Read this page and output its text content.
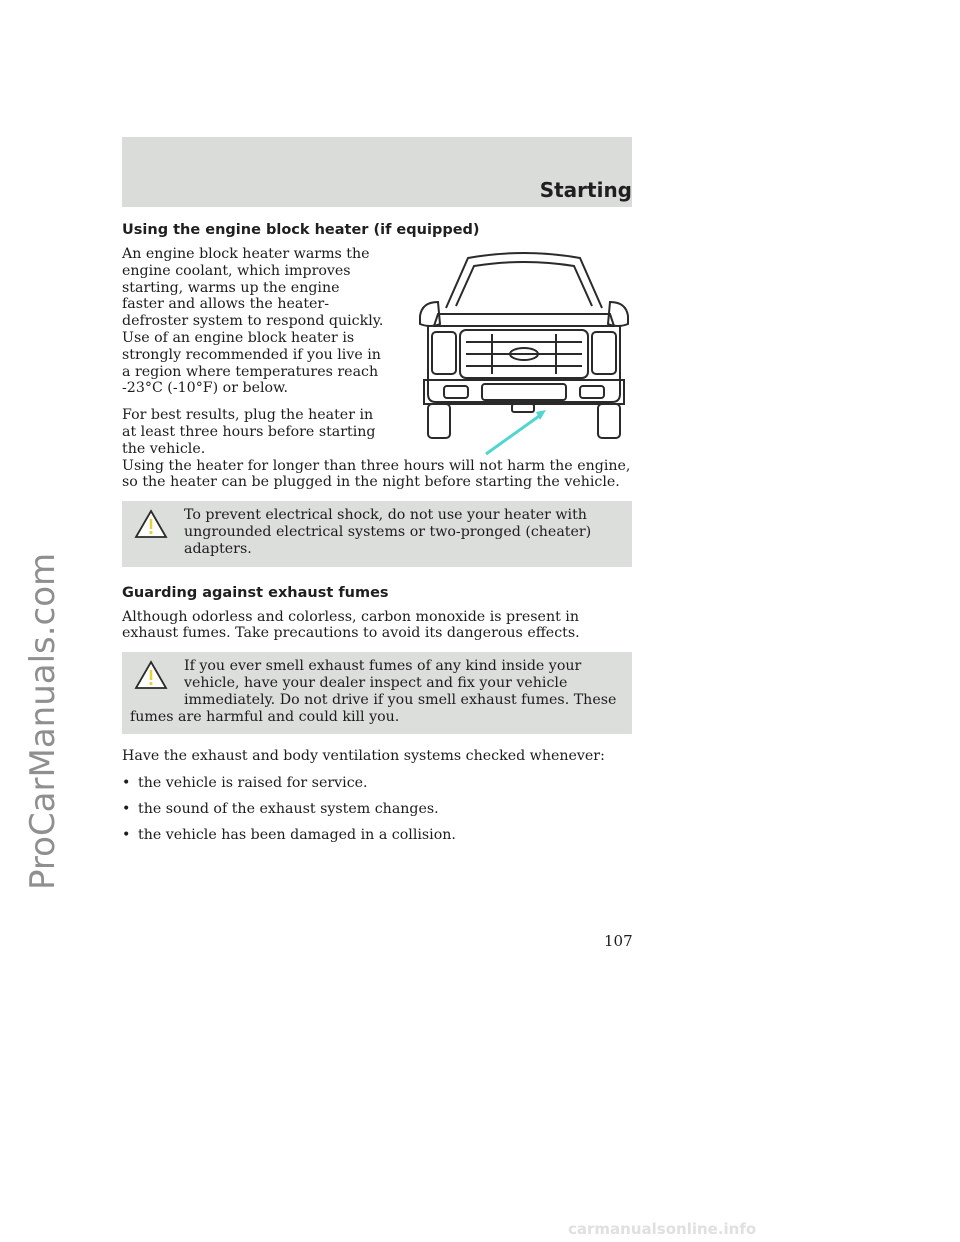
ProCarManuals.com
Starting
Using the engine block heater (if equipped)

An engine block heater warms the engine coolant, which improves starting, warms up the engine faster and allows the heater-defroster system to respond quickly. Use of an engine block heater is strongly recommended if you live in a region where temperatures reach -23°C (-10°F) or below.

For best results, plug the heater in at least three hours before starting the vehicle.
Using the heater for longer than three hours will not harm the engine, so the heater can be plugged in the night before starting the vehicle.

To prevent electrical shock, do not use your heater with ungrounded electrical systems or two-pronged (cheater) adapters.
Guarding against exhaust fumes

Although odorless and colorless, carbon monoxide is present in exhaust fumes. Take precautions to avoid its dangerous effects.

If you ever smell exhaust fumes of any kind inside your vehicle, have your dealer inspect and fix your vehicle immediately. Do not drive if you smell exhaust fumes. These fumes are harmful and could kill you.

Have the exhaust and body ventilation systems checked whenever:

• the vehicle is raised for service.
• the sound of the exhaust system changes.
• the vehicle has been damaged in a collision.
107
carmanualsonline.info
